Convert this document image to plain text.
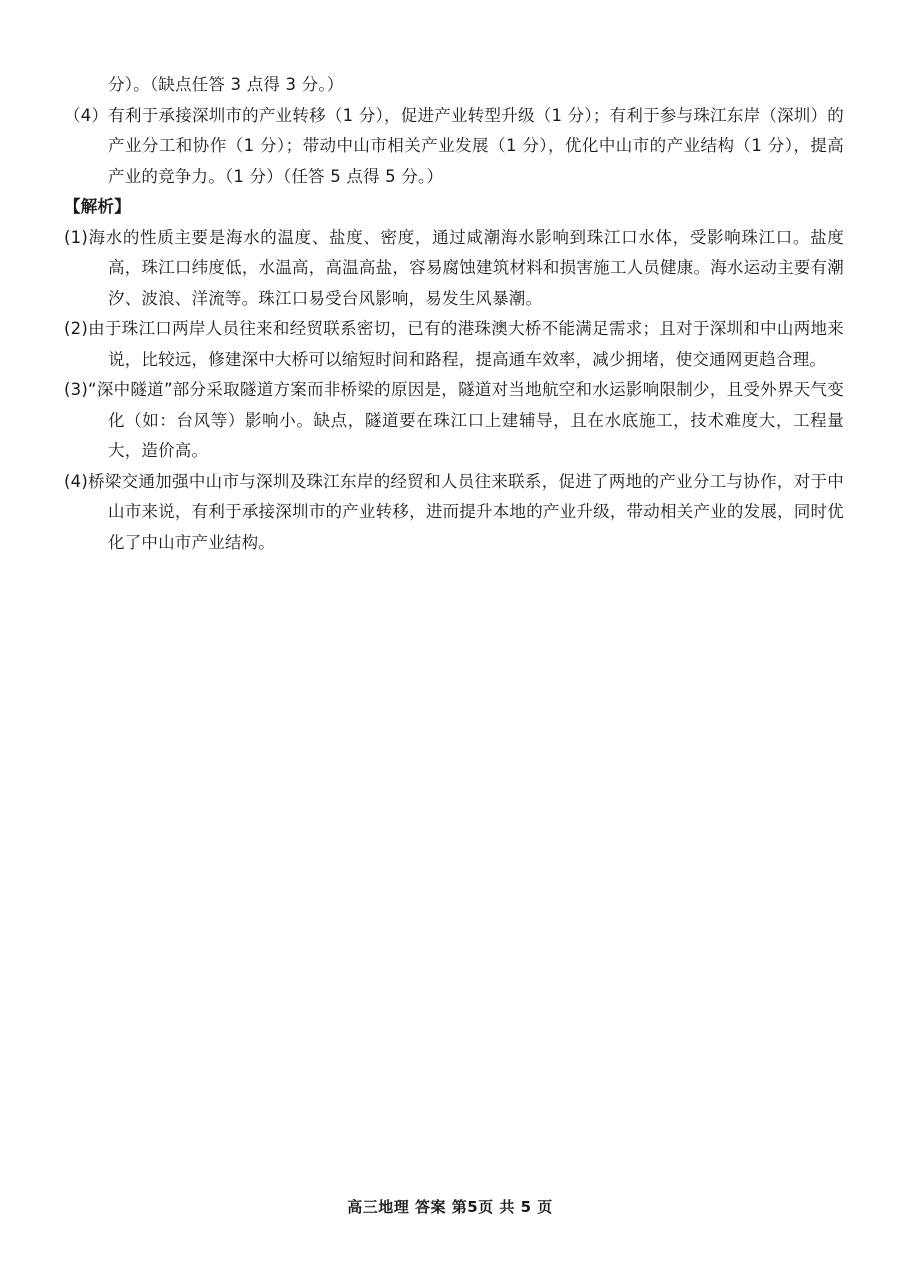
分）。（缺点任答 3 点得 3 分。）

（4）有利于承接深圳市的产业转移（1 分），促进产业转型升级（1 分）；有利于参与珠江东岸（深圳）的产业分工和协作（1 分）；带动中山市相关产业发展（1 分），优化中山市的产业结构（1 分），提高产业的竞争力。（1 分）（任答 5 点得 5 分。）

【解析】

(1)海水的性质主要是海水的温度、盐度、密度，通过咸潮海水影响到珠江口水体，受影响珠江口。盐度高，珠江口纬度低，水温高，高温高盐，容易腐蚀建筑材料和损害施工人员健康。海水运动主要有潮汐、波浪、洋流等。珠江口易受台风影响，易发生风暴潮。

(2)由于珠江口两岸人员往来和经贸联系密切，已有的港珠澳大桥不能满足需求；且对于深圳和中山两地来说，比较远，修建深中大桥可以缩短时间和路程，提高通车效率，减少拥堵，使交通网更趋合理。

(3)“深中隧道”部分采取隧道方案而非桥梁的原因是，隧道对当地航空和水运影响限制少，且受外界天气变化（如：台风等）影响小。缺点，隧道要在珠江口上建辅导，且在水底施工，技术难度大，工程量大，造价高。

(4)桥梁交通加强中山市与深圳及珠江东岸的经贸和人员往来联系，促进了两地的产业分工与协作，对于中山市来说，有利于承接深圳市的产业转移，进而提升本地的产业升级，带动相关产业的发展，同时优化了中山市产业结构。

高三地理 答案 第5页 共 5 页
